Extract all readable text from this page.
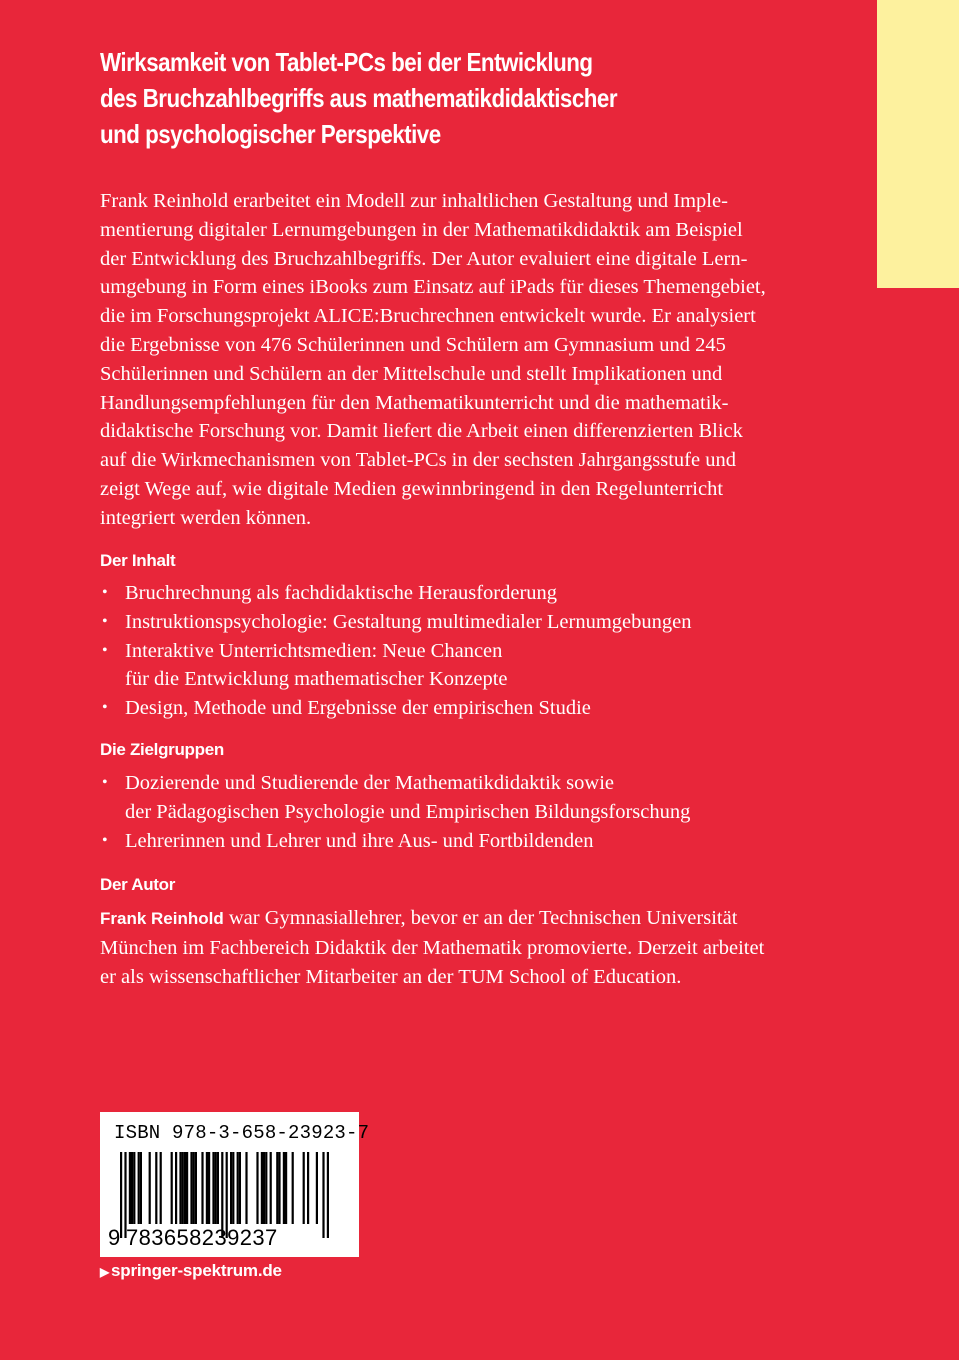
Wirksamkeit von Tablet-PCs bei der Entwicklung
des Bruchzahlbegriffs aus mathematikdidaktischer
und psychologischer Perspektive
Frank Reinhold erarbeitet ein Modell zur inhaltlichen Gestaltung und Imple-
mentierung digitaler Lernumgebungen in der Mathematikdidaktik am Beispiel
der Entwicklung des Bruchzahlbegriffs. Der Autor evaluiert eine digitale Lern-
umgebung in Form eines iBooks zum Einsatz auf iPads für dieses Themengebiet,
die im Forschungsprojekt ALICE:Bruchrechnen entwickelt wurde. Er analysiert
die Ergebnisse von 476 Schülerinnen und Schülern am Gymnasium und 245
Schülerinnen und Schülern an der Mittelschule und stellt Implikationen und
Handlungsempfehlungen für den Mathematikunterricht und die mathematik-
didaktische Forschung vor. Damit liefert die Arbeit einen differenzierten Blick
auf die Wirkmechanismen von Tablet-PCs in der sechsten Jahrgangsstufe und
zeigt Wege auf, wie digitale Medien gewinnbringend in den Regelunterricht
integriert werden können.
Der Inhalt
• Bruchrechnung als fachdidaktische Herausforderung
• Instruktionspsychologie: Gestaltung multimedialer Lernumgebungen
• Interaktive Unterrichtsmedien: Neue Chancen
für die Entwicklung mathematischer Konzepte
• Design, Methode und Ergebnisse der empirischen Studie
Die Zielgruppen
• Dozierende und Studierende der Mathematikdidaktik sowie
der Pädagogischen Psychologie und Empirischen Bildungsforschung
• Lehrerinnen und Lehrer und ihre Aus- und Fortbildenden
Der Autor
Frank Reinhold war Gymnasiallehrer, bevor er an der Technischen Universität
München im Fachbereich Didaktik der Mathematik promovierte. Derzeit arbeitet
er als wissenschaftlicher Mitarbeiter an der TUM School of Education.
ISBN 978-3-658-23923-7
9 783658239237
▶ springer-spektrum.de
